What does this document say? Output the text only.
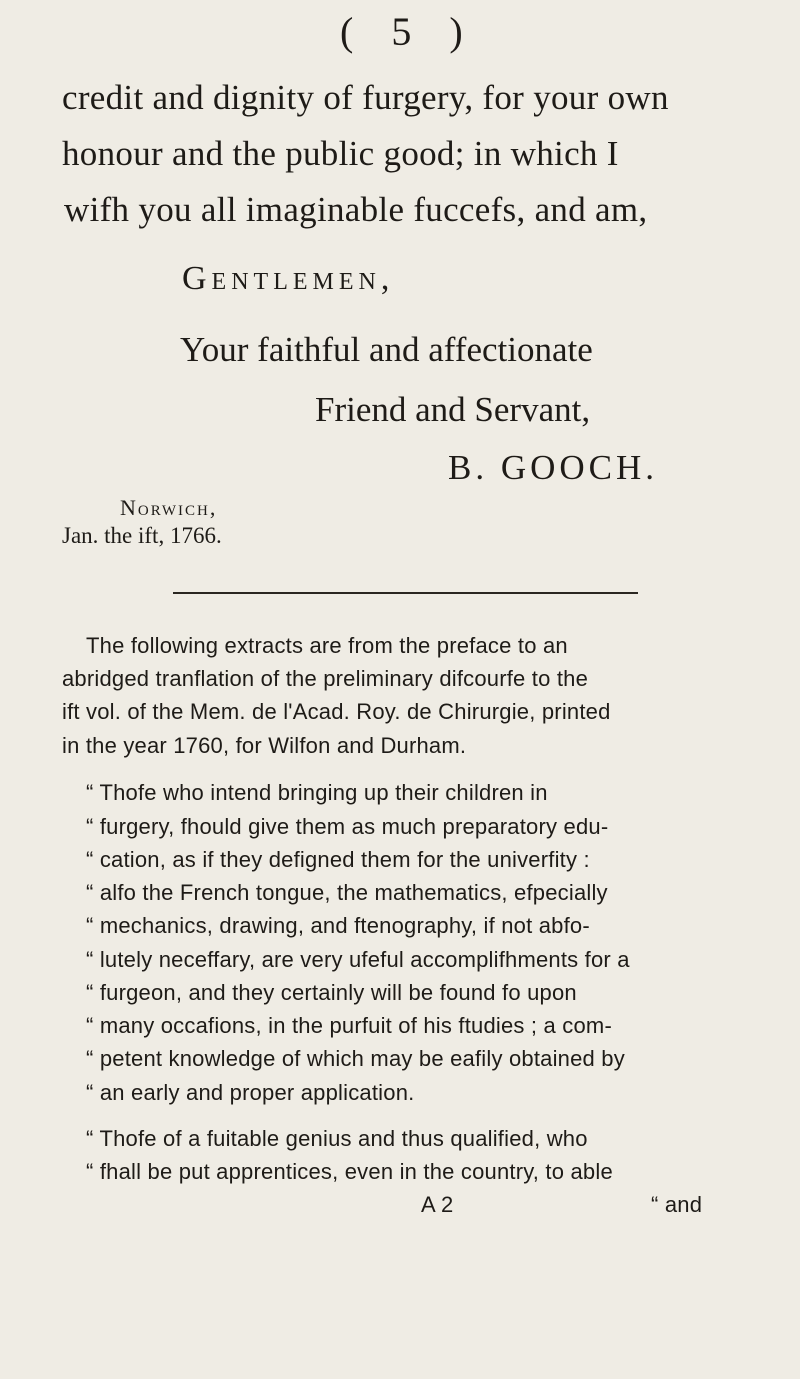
( 5 )
credit and dignity of furgery, for your own
honour and the public good; in which I
wifh you all imaginable fuccefs, and am,
Gentlemen,
Your faithful and affectionate
Friend and Servant,
B. GOOCH.
Norwich,
Jan. the ift, 1766.
The following extracts are from the preface to an
abridged tranflation of the preliminary difcourfe to the
ift vol. of the Mem. de l'Acad. Roy. de Chirurgie, printed
in the year 1760, for Wilfon and Durham.
“ Thofe who intend bringing up their children in
“ furgery, fhould give them as much preparatory edu-
“ cation, as if they defigned them for the univerfity :
“ alfo the French tongue, the mathematics, efpecially
“ mechanics, drawing, and ftenography, if not abfo-
“ lutely neceffary, are very ufeful accomplifhments for a
“ furgeon, and they certainly will be found fo upon
“ many occafions, in the purfuit of his ftudies ; a com-
“ petent knowledge of which may be eafily obtained by
“ an early and proper application.
“ Thofe of a fuitable genius and thus qualified, who
“ fhall be put apprentices, even in the country, to able
A 2	“ and
